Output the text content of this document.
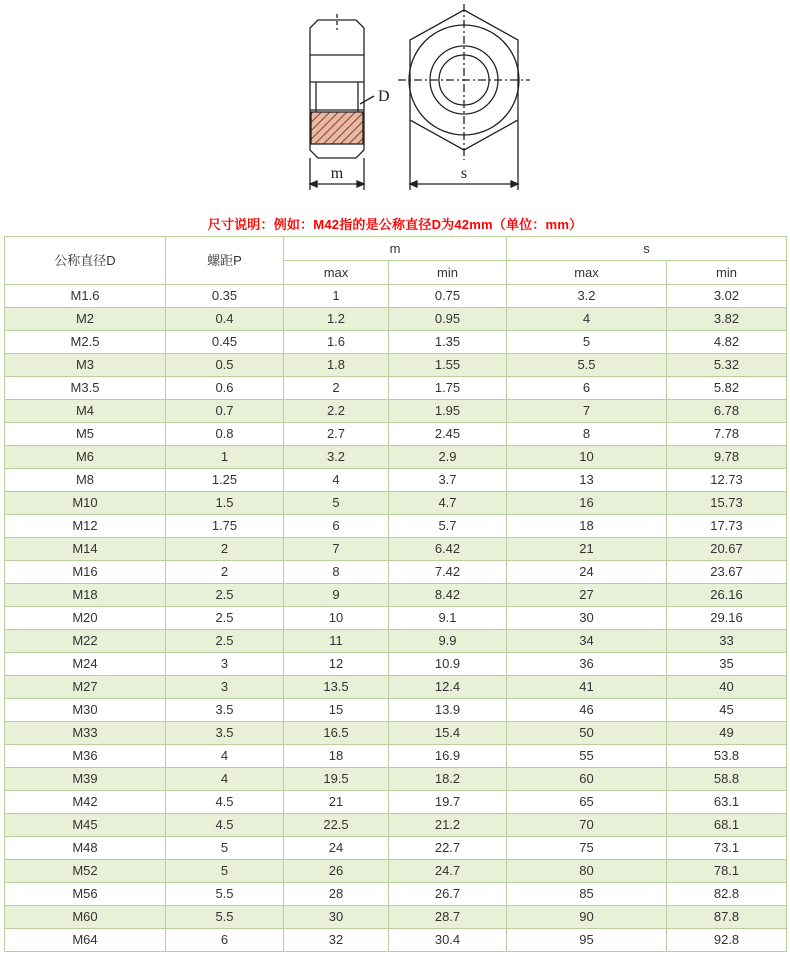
D
m	s
尺寸说明：例如：M42指的是公称直径D为42mm（单位：mm）
公称直径D	螺距P	m		s	
		max	min	max	min
M1.6	0.35	1	0.75	3.2	3.02
M2	0.4	1.2	0.95	4	3.82
M2.5	0.45	1.6	1.35	5	4.82
M3	0.5	1.8	1.55	5.5	5.32
M3.5	0.6	2	1.75	6	5.82
M4	0.7	2.2	1.95	7	6.78
M5	0.8	2.7	2.45	8	7.78
M6	1	3.2	2.9	10	9.78
M8	1.25	4	3.7	13	12.73
M10	1.5	5	4.7	16	15.73
M12	1.75	6	5.7	18	17.73
M14	2	7	6.42	21	20.67
M16	2	8	7.42	24	23.67
M18	2.5	9	8.42	27	26.16
M20	2.5	10	9.1	30	29.16
M22	2.5	11	9.9	34	33
M24	3	12	10.9	36	35
M27	3	13.5	12.4	41	40
M30	3.5	15	13.9	46	45
M33	3.5	16.5	15.4	50	49
M36	4	18	16.9	55	53.8
M39	4	19.5	18.2	60	58.8
M42	4.5	21	19.7	65	63.1
M45	4.5	22.5	21.2	70	68.1
M48	5	24	22.7	75	73.1
M52	5	26	24.7	80	78.1
M56	5.5	28	26.7	85	82.8
M60	5.5	30	28.7	90	87.8
M64	6	32	30.4	95	92.8
